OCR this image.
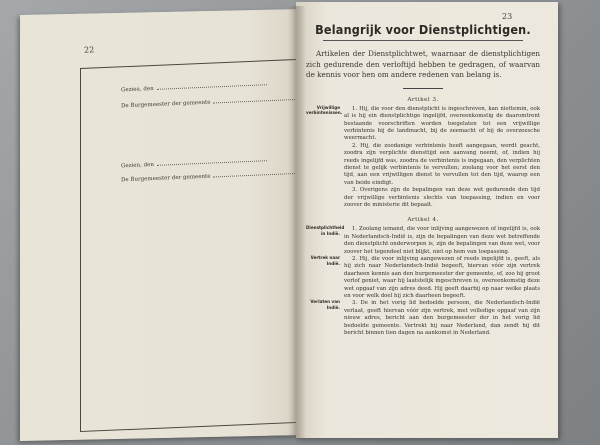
22
Geziea, den
De Burgemeester der gemeente
Gezien, den
De Burgemeester der gemeente
23
Belangrijk voor Dienstplichtigen.

Artikelen der Dienstplichtwet, waarnaar de dienstplichtigen zich gedurende den verloftijd hebben te gedragen, of waarvan de kennis voor hen om andere redenen van belang is.

Artikel 3.
Vrijwillige verbintenissen.

1. Hij, die voor den dienstplicht is ingeschreven, kan niettemin, ook al is hij ein dienstplichtige ingelijfd, overeenkomstig de daaromtrent bestaande voorschriften worden toegelaten tot een vrijwillige verbintenis bij de landmacht, bij de zeemacht of bij de overzeesche weermacht.

2. Hij, die zoodanige verbintenis heeft aangegaan, wordt geacht, zoodra zijn verplichte diensttijd een aanvang neemt, of, indien hij reeds ingelijfd was, zoodra de verbintenis is ingegaan, den verplichten dienst te gelijk verbintenis te vervullen; zoolang voor het eerst den tijd, aan een vrijwilligen dienst te vervullen tot den tijd, waarop een van beide eindigt.

3. Overigens zijn de bepalingen van deze wet gedurende den tijd der vrijwillige verbintenis slechts van toepassing, indien en voor zoover de ministerie dit bepaalt.

Artikel 4.
Dienstplichtheid in Indië.

1. Zoolang iemand, die voor inlijving aangewezen of ingelijfd is, ook in Nederlandsch-Indië is, zijn de bepalingen van deze wet betreffende den dienstplicht onderworpen is, zijn de bepalingen van deze wet, voor zoover het tegendeel niet blijkt, niet op hem van toepassing.

Vertrek naar Indië.

2. Hij, die voor inlijving aangewezen of reeds ingelijfd is, geeft, als hij zich naar Nederlandsch-Indië begeeft, hiervan vóór zijn vertrek daarheen kennis aan den burgemeester der gemeente, of, zoo hij groot verlof geniet, waar hij laatstelijk ingeschreven is, overeenkomstig deze wet opgaaf van zijn adres deed. Hij geeft daarbij op naar welke plaats en voor welk doel hij zich daarheen begeeft.

Verlaten van Indië.

3. De in het vorig lid bedoelde persoon, die Nederlandsch-Indië verlaat, geeft hiervan vóór zijn vertrek, met volledige opgaaf van zijn nieuw adres, bericht aan den burgemeester der in het vorig lid bedoelde gemeente. Vertrekt hij naar Nederland, dan zendt hij dit bericht binnen tien dagen na aankomst in Nederland.
